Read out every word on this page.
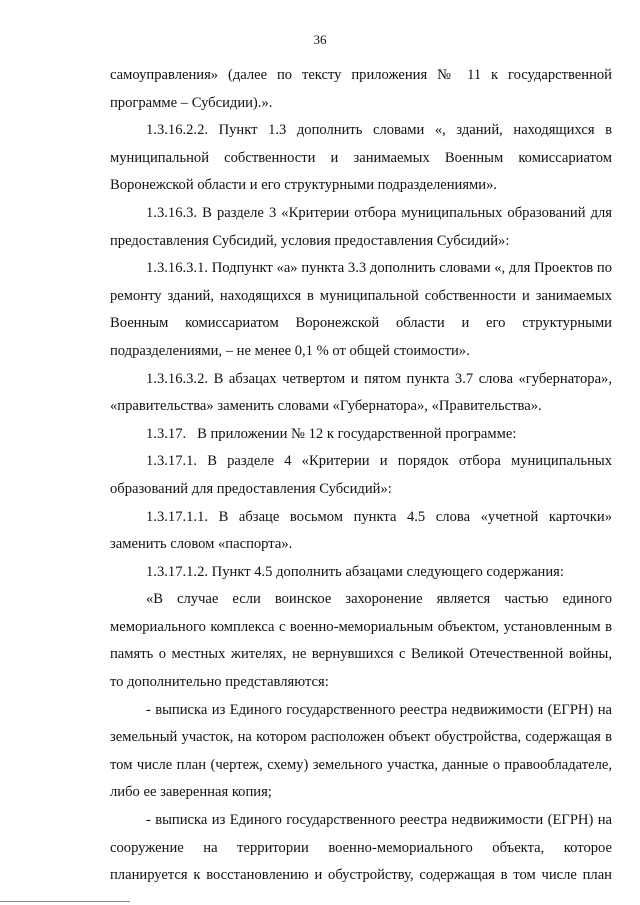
36

самоуправления» (далее по тексту приложения № 11 к государственной программе – Субсидии).».

1.3.16.2.2. Пункт 1.3 дополнить словами «, зданий, находящихся в муниципальной собственности и занимаемых Военным комиссариатом Воронежской области и его структурными подразделениями».

1.3.16.3. В разделе 3 «Критерии отбора муниципальных образований для предоставления Субсидий, условия предоставления Субсидий»:

1.3.16.3.1. Подпункт «а» пункта 3.3 дополнить словами «, для Проектов по ремонту зданий, находящихся в муниципальной собственности и занимаемых Военным комиссариатом Воронежской области и его структурными подразделениями, – не менее 0,1 % от общей стоимости».

1.3.16.3.2. В абзацах четвертом и пятом пункта 3.7 слова «губернатора», «правительства» заменить словами «Губернатора», «Правительства».

1.3.17.   В приложении № 12 к государственной программе:

1.3.17.1. В разделе 4 «Критерии и порядок отбора муниципальных образований для предоставления Субсидий»:

1.3.17.1.1. В абзаце восьмом пункта 4.5 слова «учетной карточки» заменить словом «паспорта».

1.3.17.1.2. Пункт 4.5 дополнить абзацами следующего содержания:

«В случае если воинское захоронение является частью единого мемориального комплекса с военно-мемориальным объектом, установленным в память о местных жителях, не вернувшихся с Великой Отечественной войны, то дополнительно представляются:

- выписка из Единого государственного реестра недвижимости (ЕГРН) на земельный участок, на котором расположен объект обустройства, содержащая в том числе план (чертеж, схему) земельного участка, данные о правообладателе, либо ее заверенная копия;

- выписка из Единого государственного реестра недвижимости (ЕГРН) на сооружение на территории военно-мемориального объекта, которое планируется к восстановлению и обустройству, содержащая в том числе план
